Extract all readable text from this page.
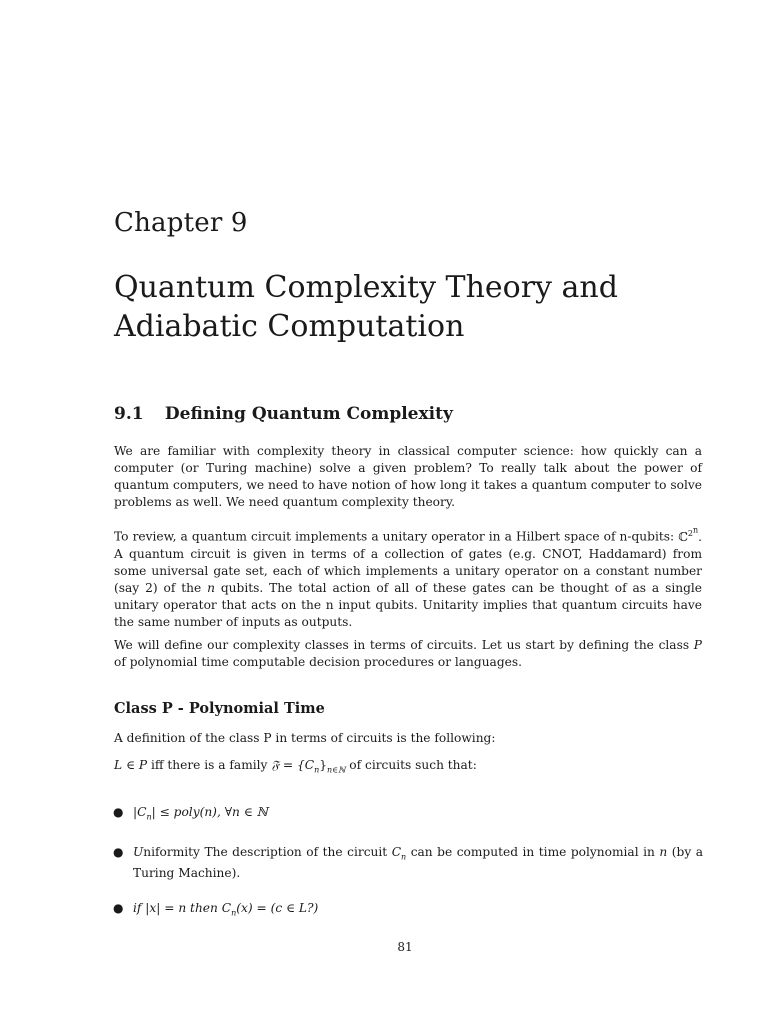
Chapter 9
Quantum Complexity Theory and Adiabatic Computation
9.1 Defining Quantum Complexity

We are familiar with complexity theory in classical computer science: how quickly can a computer (or Turing machine) solve a given problem? To really talk about the power of quantum computers, we need to have notion of how long it takes a quantum computer to solve problems as well. We need quantum complexity theory.

To review, a quantum circuit implements a unitary operator in a Hilbert space of n-qubits: ℂ$^{2^n}$. A quantum circuit is given in terms of a collection of gates (e.g. CNOT, Haddamard) from some universal gate set, each of which implements a unitary operator on a constant number (say 2) of the n qubits. The total action of all of these gates can be thought of as a single unitary operator that acts on the n input qubits. Unitarity implies that quantum circuits have the same number of inputs as outputs.

We will define our complexity classes in terms of circuits. Let us start by defining the class P of polynomial time computable decision procedures or languages.

Class P - Polynomial Time

A definition of the class P in terms of circuits is the following:

L ∈ P iff there is a family 𝔉 = $\{C_n\}_{n\in ℕ}$ of circuits such that:

● $|C_n|$ ≤ poly(n), ∀n ∈ ℕ
● Uniformity The description of the circuit $C_n$ can be computed in time polynomial in n (by a Turing Machine).
● if |x| = n then $C_n(x) = (c$ ∈ L?)

81
